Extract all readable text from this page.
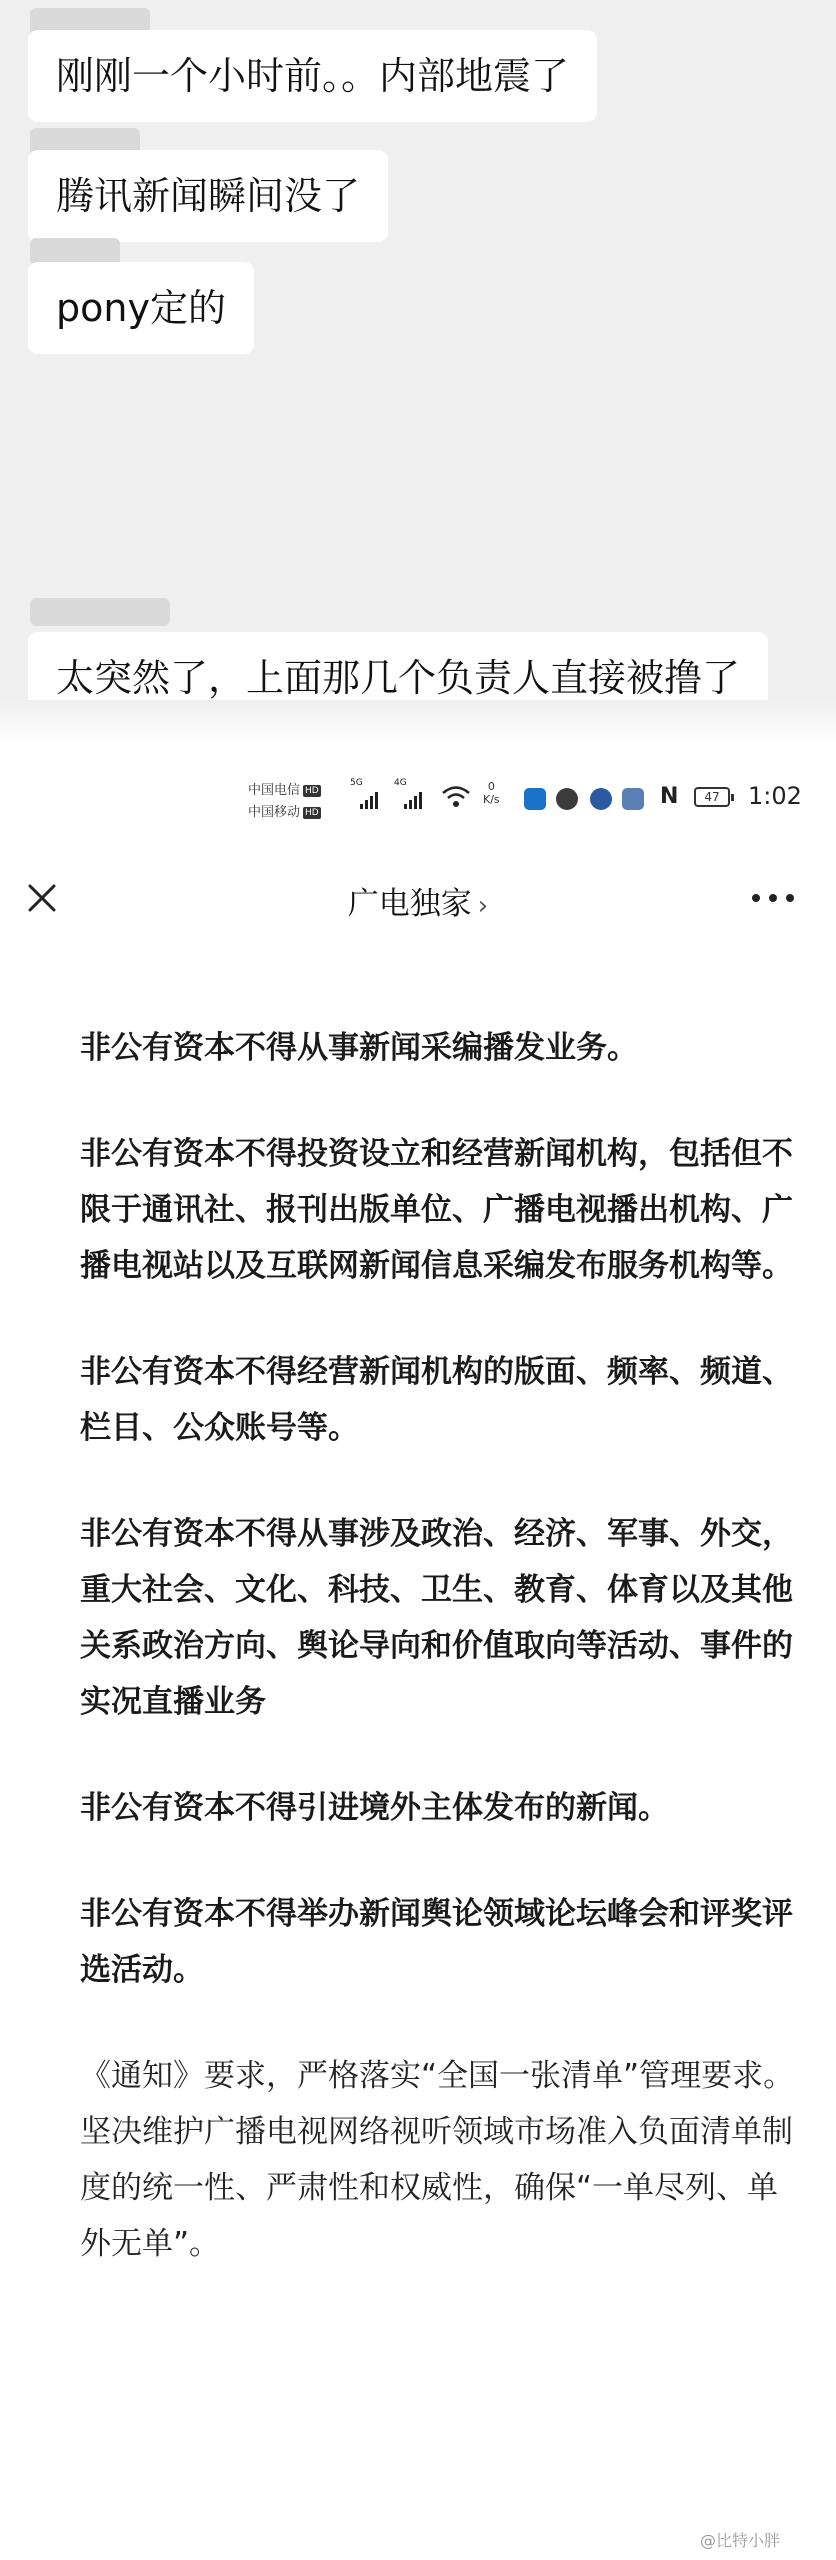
刚刚一个小时前。。内部地震了
腾讯新闻瞬间没了
pony定的
太突然了，上面那几个负责人直接被撸了
中国电信 HD
中国移动 HD
5G	4G	0
K/s	N	47	1:02
广电独家 ›

非公有资本不得从事新闻采编播发业务。

非公有资本不得投资设立和经营新闻机构，包括但不限于通讯社、报刊出版单位、广播电视播出机构、广播电视站以及互联网新闻信息采编发布服务机构等。

非公有资本不得经营新闻机构的版面、频率、频道、栏目、公众账号等。

非公有资本不得从事涉及政治、经济、军事、外交，重大社会、文化、科技、卫生、教育、体育以及其他关系政治方向、舆论导向和价值取向等活动、事件的实况直播业务

非公有资本不得引进境外主体发布的新闻。

非公有资本不得举办新闻舆论领域论坛峰会和评奖评选活动。

《通知》要求，严格落实“全国一张清单”管理要求。坚决维护广播电视网络视听领域市场准入负面清单制度的统一性、严肃性和权威性，确保“一单尽列、单外无单”。

@比特小胖
